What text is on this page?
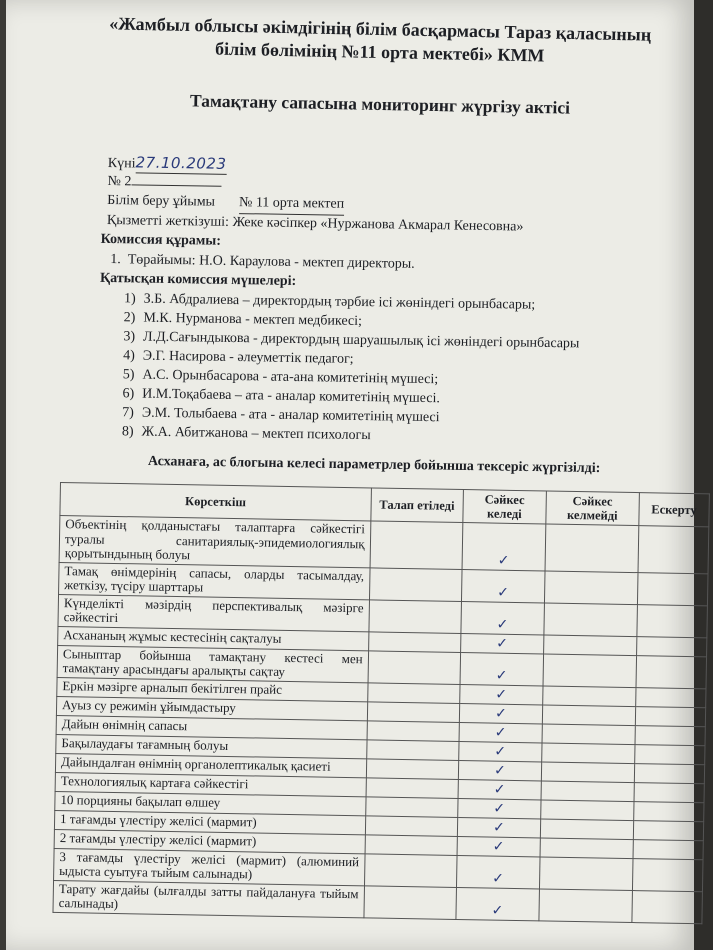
«Жамбыл облысы әкімдігінің білім басқармасы Тараз қаласының
білім бөлімінің №11 орта мектебі» КММ
Тамақтану сапасына мониторинг жүргізу актісі
Күні 27.10.2023
№
2
Білім беру ұйымы № 11 орта мектеп
Қызметті жеткізуші:
Жеке кәсіпкер «Нуржанова Акмарал Кенесовна»
Комиссия құрамы:
1.
Төрайымы: Н.О. Караулова - мектеп директоры.
Қатысқан комиссия мүшелері:
1) З.Б. Абдралиева – директордың тәрбие ісі жөніндегі орынбасары;
2) М.К. Нурманова - мектеп медбикесі;
3) Л.Д.Сағындыкова - директордың шаруашылық ісі жөніндегі орынбасары
4) Э.Г. Насирова - әлеуметтік педагог;
5) А.С. Орынбасарова - ата-ана комитетінің мүшесі;
6) И.М.Тоқабаева – ата - аналар комитетінің мүшесі.
7) Э.М. Толыбаева - ата - аналар комитетінің мүшесі
8) Ж.А. Абитжанова – мектеп психологы
Асханаға, ас блогына келесі параметрлер бойынша тексеріс жүргізілді:
Көрсеткіш	Талап етіледі	Сәйкес келеді	Сәйкес келмейді	Ескерту
Объектінің қолданыстағы талаптарға сәйкестігі туралы санитариялық-эпидемиологиялық қорытындының болуы		✓		
Тамақ өнімдерінің сапасы, оларды тасымалдау, жеткізу, түсіру шарттары		✓		
Күнделікті мәзірдің перспективалық мәзірге сәйкестігі		✓		
Асхананың жұмыс кестесінің сақталуы		✓		
Сыныптар бойынша тамақтану кестесі мен тамақтану арасындағы аралықты сақтау		✓		
Еркін мәзірге арналып бекітілген прайс		✓		
Ауыз су режимін ұйымдастыру		✓		
Дайын өнімнің сапасы		✓		
Бақылаудағы тағамның болуы		✓		
Дайындалған өнімнің органолептикалық қасиеті		✓		
Технологиялық картаға сәйкестігі		✓		
10 порцияны бақылап өлшеу		✓		
1 тағамды үлестіру желісі (мармит)		✓		
2 тағамды үлестіру желісі (мармит)		✓		
3 тағамды үлестіру желісі (мармит) (алюминий ыдыста суытуға тыйым салынады)		✓		
Тарату жағдайы (ылғалды затты пайдалануға тыйым салынады)		✓		
